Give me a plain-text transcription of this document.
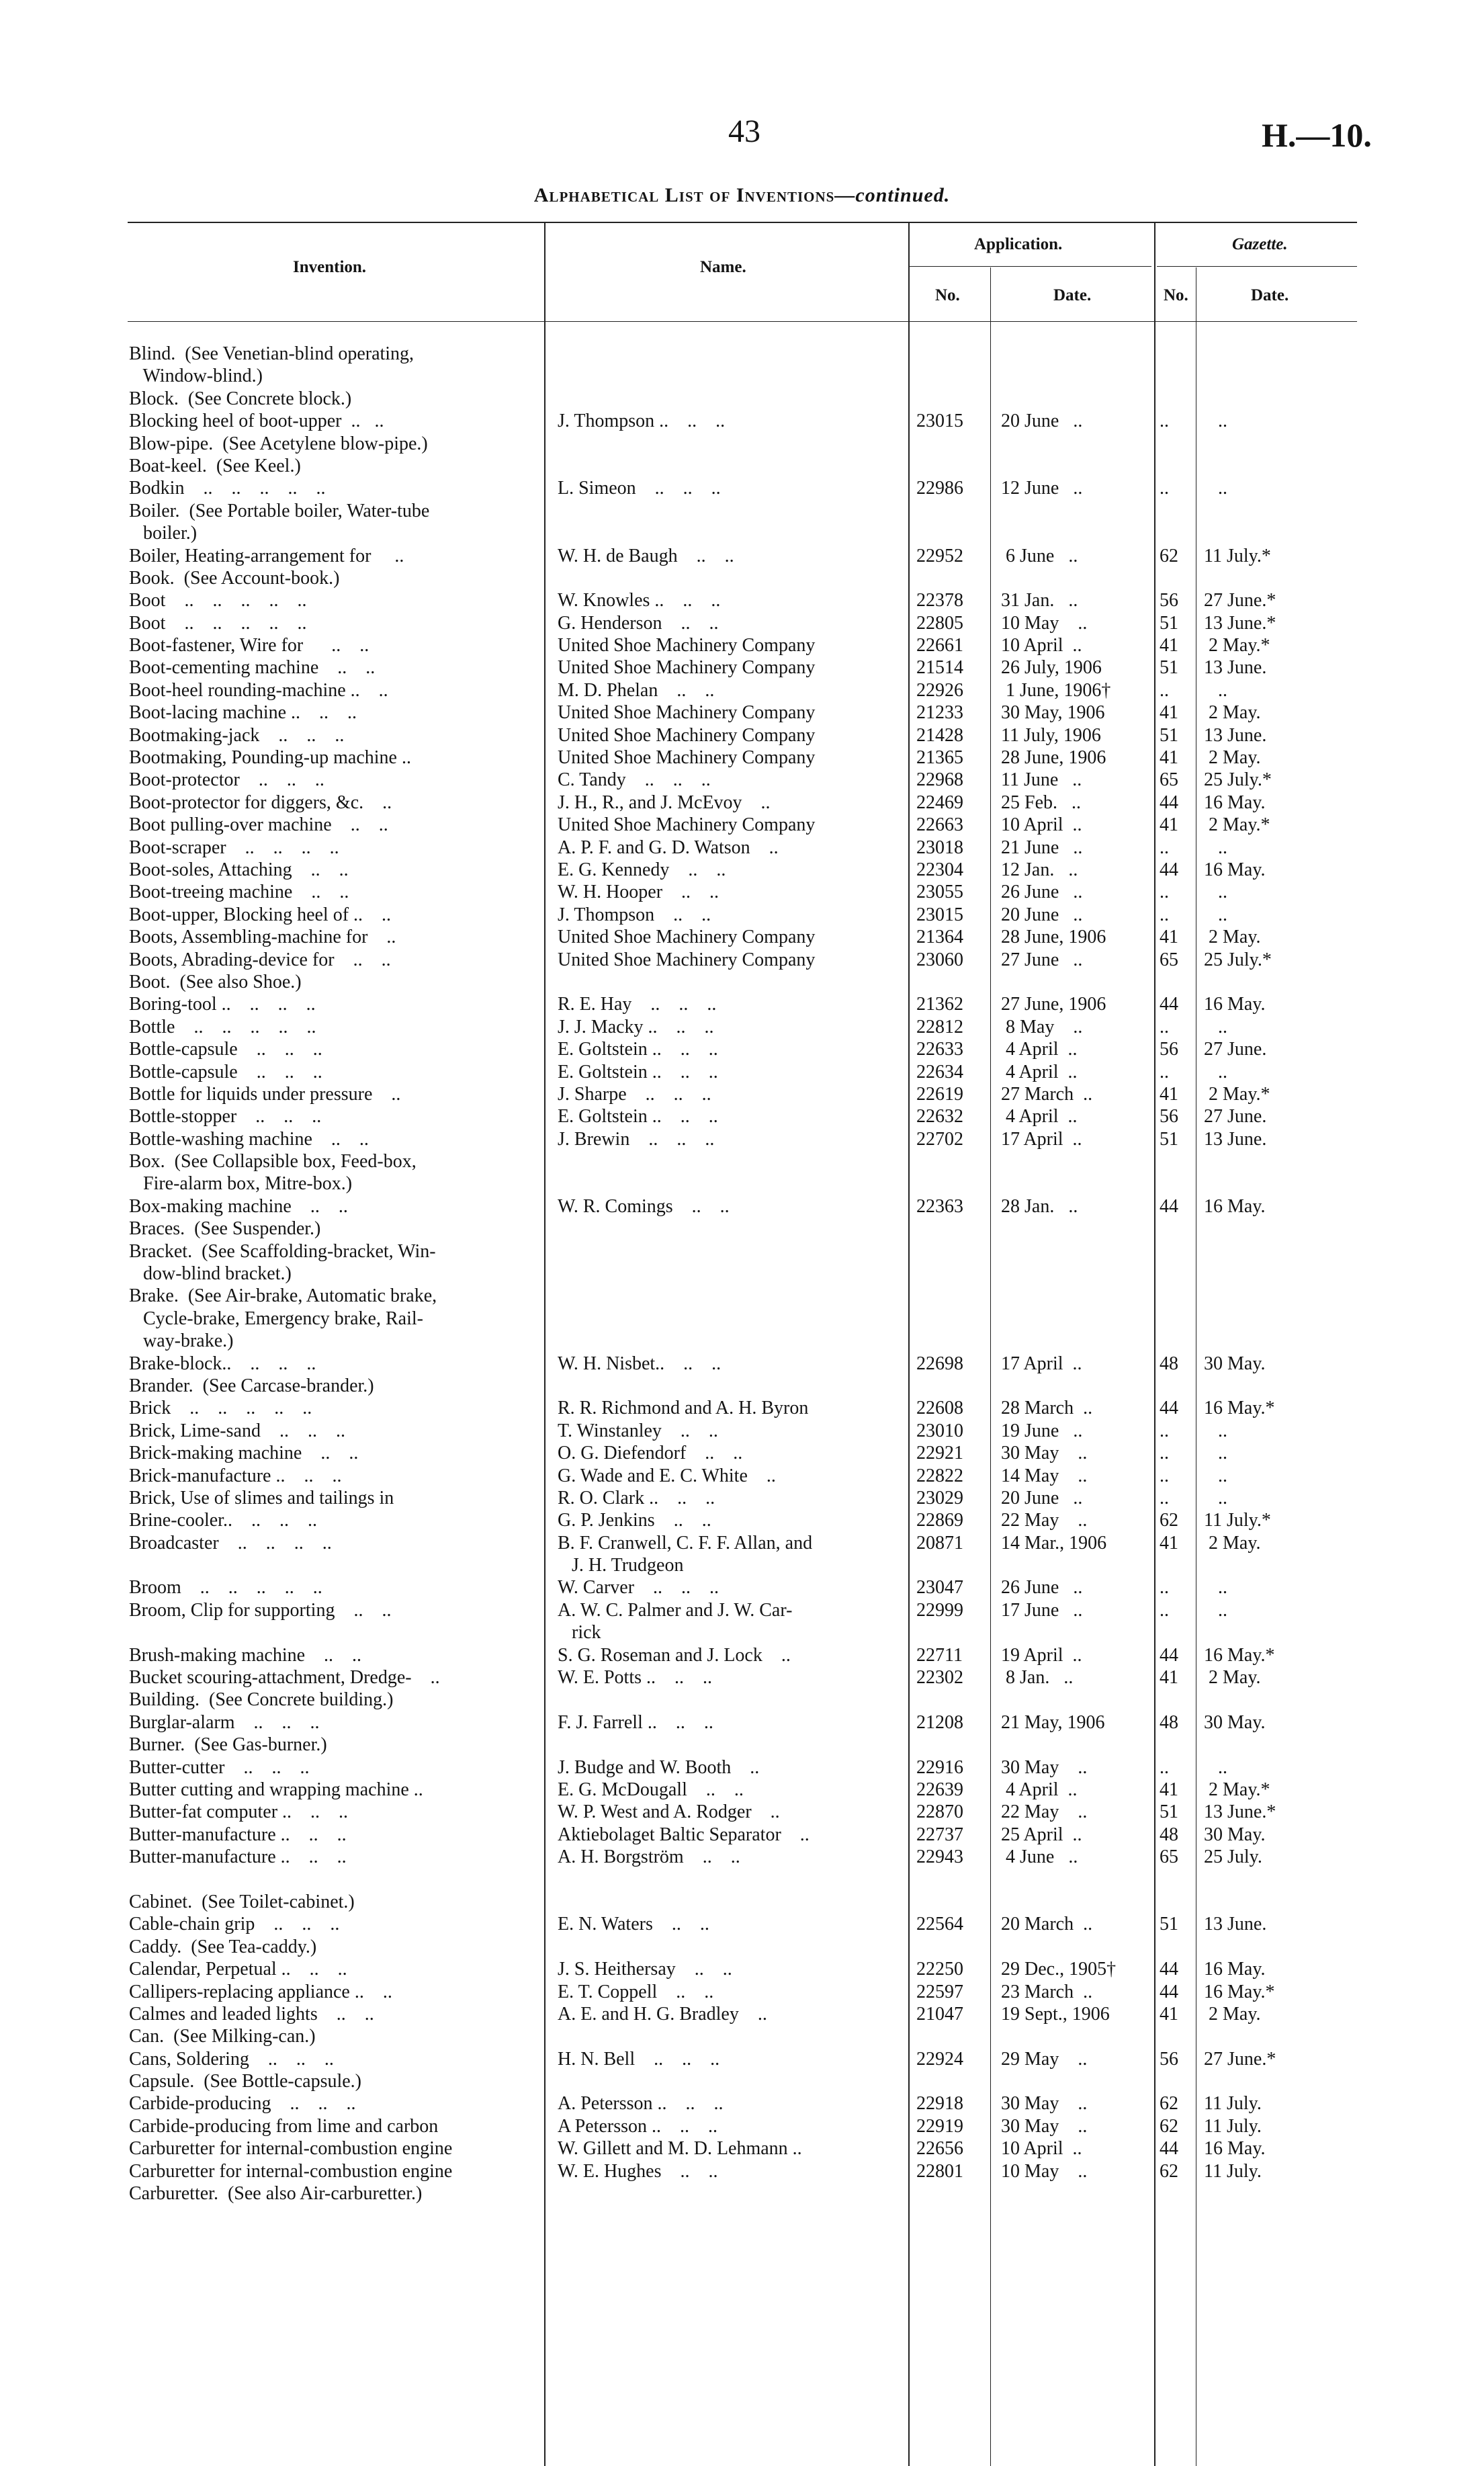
43	H.—10.
Alphabetical List of Inventions—continued.
Invention.	Name.
Application.
No.	Date.
Gazette.
No.	Date.
Blind.  (See Venetian-blind operating,
Window-blind.)
Block.  (See Concrete block.)
Blocking heel of boot-upper  ..   ..	J. Thompson ..    ..    ..	23015 20 June   ..	.. ..
Blow-pipe.  (See Acetylene blow-pipe.)
Boat-keel.  (See Keel.)
Bodkin    ..    ..    ..    ..    ..	L. Simeon    ..    ..    ..	22986 12 June   ..	.. ..
Boiler.  (See Portable boiler, Water-tube
boiler.)
Boiler, Heating-arrangement for     ..	W. H. de Baugh    ..    ..	22952 6 June   ..	62 11 July.*
Book.  (See Account-book.)
Boot    ..    ..    ..    ..    ..	W. Knowles ..    ..    ..	22378 31 Jan.   ..	56 27 June.*
Boot    ..    ..    ..    ..    ..	G. Henderson    ..    ..	22805 10 May    ..	51 13 June.*
Boot-fastener, Wire for      ..    ..	United Shoe Machinery Company	22661 10 April  ..	41 2 May.*
Boot-cementing machine    ..    ..	United Shoe Machinery Company	21514 26 July, 1906	51 13 June.
Boot-heel rounding-machine ..    ..	M. D. Phelan    ..    ..	22926 1 June, 1906†	.. ..
Boot-lacing machine ..    ..    ..	United Shoe Machinery Company	21233 30 May, 1906	41 2 May.
Bootmaking-jack    ..    ..    ..	United Shoe Machinery Company	21428 11 July, 1906	51 13 June.
Bootmaking, Pounding-up machine ..	United Shoe Machinery Company	21365 28 June, 1906	41 2 May.
Boot-protector    ..    ..    ..	C. Tandy    ..    ..    ..	22968 11 June   ..	65 25 July.*
Boot-protector for diggers, &c.    ..	J. H., R., and J. McEvoy    ..	22469 25 Feb.   ..	44 16 May.
Boot pulling-over machine    ..    ..	United Shoe Machinery Company	22663 10 April  ..	41 2 May.*
Boot-scraper    ..    ..    ..    ..	A. P. F. and G. D. Watson    ..	23018 21 June   ..	.. ..
Boot-soles, Attaching    ..    ..	E. G. Kennedy    ..    ..	22304 12 Jan.   ..	44 16 May.
Boot-treeing machine    ..    ..	W. H. Hooper    ..    ..	23055 26 June   ..	.. ..
Boot-upper, Blocking heel of ..    ..	J. Thompson    ..    ..	23015 20 June   ..	.. ..
Boots, Assembling-machine for    ..	United Shoe Machinery Company	21364 28 June, 1906	41 2 May.
Boots, Abrading-device for    ..    ..	United Shoe Machinery Company	23060 27 June   ..	65 25 July.*
Boot.  (See also Shoe.)
Boring-tool ..    ..    ..    ..	R. E. Hay    ..    ..    ..	21362 27 June, 1906	44 16 May.
Bottle    ..    ..    ..    ..    ..	J. J. Macky ..    ..    ..	22812 8 May    ..	.. ..
Bottle-capsule    ..    ..    ..	E. Goltstein ..    ..    ..	22633 4 April  ..	56 27 June.
Bottle-capsule    ..    ..    ..	E. Goltstein ..    ..    ..	22634 4 April  ..	.. ..
Bottle for liquids under pressure    ..	J. Sharpe    ..    ..    ..	22619 27 March  ..	41 2 May.*
Bottle-stopper    ..    ..    ..	E. Goltstein ..    ..    ..	22632 4 April  ..	56 27 June.
Bottle-washing machine    ..    ..	J. Brewin    ..    ..    ..	22702 17 April  ..	51 13 June.
Box.  (See Collapsible box, Feed-box,
Fire-alarm box, Mitre-box.)
Box-making machine    ..    ..	W. R. Comings    ..    ..	22363 28 Jan.   ..	44 16 May.
Braces.  (See Suspender.)
Bracket.  (See Scaffolding-bracket, Win-
dow-blind bracket.)
Brake.  (See Air-brake, Automatic brake,
Cycle-brake, Emergency brake, Rail-
way-brake.)
Brake-block..    ..    ..    ..	W. H. Nisbet..    ..    ..	22698 17 April  ..	48 30 May.
Brander.  (See Carcase-brander.)
Brick    ..    ..    ..    ..    ..	R. R. Richmond and A. H. Byron	22608 28 March  ..	44 16 May.*
Brick, Lime-sand    ..    ..    ..	T. Winstanley    ..    ..	23010 19 June   ..	.. ..
Brick-making machine    ..    ..	O. G. Diefendorf    ..    ..	22921 30 May    ..	.. ..
Brick-manufacture ..    ..    ..	G. Wade and E. C. White    ..	22822 14 May    ..	.. ..
Brick, Use of slimes and tailings in	R. O. Clark ..    ..    ..	23029 20 June   ..	.. ..
Brine-cooler..    ..    ..    ..	G. P. Jenkins    ..    ..	22869 22 May    ..	62 11 July.*
Broadcaster    ..    ..    ..    ..	B. F. Cranwell, C. F. F. Allan, and	20871 14 Mar., 1906	41 2 May.
J. H. Trudgeon
Broom    ..    ..    ..    ..    ..	W. Carver    ..    ..    ..	23047 26 June   ..	.. ..
Broom, Clip for supporting    ..    ..	A. W. C. Palmer and J. W. Car-	22999 17 June   ..	.. ..
rick
Brush-making machine    ..    ..	S. G. Roseman and J. Lock    ..	22711 19 April  ..	44 16 May.*
Bucket scouring-attachment, Dredge-    ..	W. E. Potts ..    ..    ..	22302 8 Jan.   ..	41 2 May.
Building.  (See Concrete building.)
Burglar-alarm    ..    ..    ..	F. J. Farrell ..    ..    ..	21208 21 May, 1906	48 30 May.
Burner.  (See Gas-burner.)
Butter-cutter    ..    ..    ..	J. Budge and W. Booth    ..	22916 30 May    ..	.. ..
Butter cutting and wrapping machine ..	E. G. McDougall    ..    ..	22639 4 April  ..	41 2 May.*
Butter-fat computer ..    ..    ..	W. P. West and A. Rodger    ..	22870 22 May    ..	51 13 June.*
Butter-manufacture ..    ..    ..	Aktiebolaget Baltic Separator    ..	22737 25 April  ..	48 30 May.
Butter-manufacture ..    ..    ..	A. H. Borgström    ..    ..	22943 4 June   ..	65 25 July.
Cabinet.  (See Toilet-cabinet.)
Cable-chain grip    ..    ..    ..	E. N. Waters    ..    ..	22564 20 March  ..	51 13 June.
Caddy.  (See Tea-caddy.)
Calendar, Perpetual ..    ..    ..	J. S. Heithersay    ..    ..	22250 29 Dec., 1905† 44 16 May.
Callipers-replacing appliance ..    ..	E. T. Coppell    ..    ..	22597 23 March  ..	44 16 May.*
Calmes and leaded lights    ..    ..	A. E. and H. G. Bradley    ..	21047 19 Sept., 1906	41 2 May.
Can.  (See Milking-can.)
Cans, Soldering    ..    ..    ..	H. N. Bell    ..    ..    ..	22924 29 May    ..	56 27 June.*
Capsule.  (See Bottle-capsule.)
Carbide-producing    ..    ..    ..	A. Petersson ..    ..    ..	22918 30 May    ..	62 11 July.
Carbide-producing from lime and carbon	A Petersson ..    ..    ..	22919 30 May    ..	62 11 July.
Carburetter for internal-combustion engine	W. Gillett and M. D. Lehmann ..	22656 10 April  ..	44 16 May.
Carburetter for internal-combustion engine	W. E. Hughes    ..    ..	22801 10 May    ..	62 11 July.
Carburetter.  (See also Air-carburetter.)
